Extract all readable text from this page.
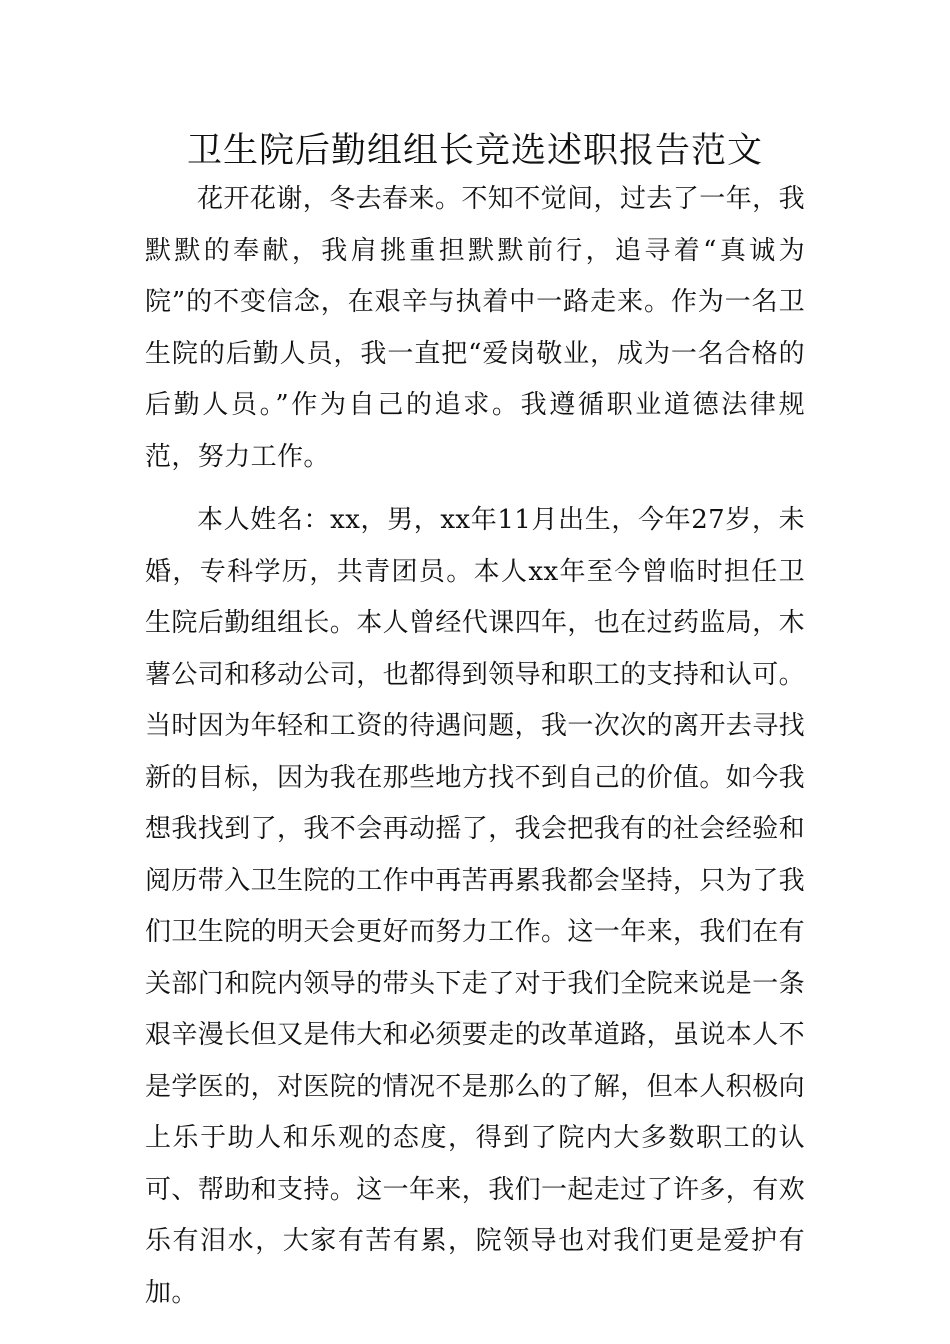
卫生院后勤组组长竞选述职报告范文

花开花谢，冬去春来。不知不觉间，过去了一年，我默默的奉献，我肩挑重担默默前行，追寻着“真诚为院”的不变信念，在艰辛与执着中一路走来。作为一名卫生院的后勤人员，我一直把“爱岗敬业，成为一名合格的后勤人员。”作为自己的追求。我遵循职业道德法律规范，努力工作。

本人姓名：xx，男，xx年11月出生，今年27岁，未婚，专科学历，共青团员。本人xx年至今曾临时担任卫生院后勤组组长。本人曾经代课四年，也在过药监局，木薯公司和移动公司，也都得到领导和职工的支持和认可。当时因为年轻和工资的待遇问题，我一次次的离开去寻找新的目标，因为我在那些地方找不到自己的价值。如今我想我找到了，我不会再动摇了，我会把我有的社会经验和阅历带入卫生院的工作中再苦再累我都会坚持，只为了我们卫生院的明天会更好而努力工作。这一年来，我们在有关部门和院内领导的带头下走了对于我们全院来说是一条艰辛漫长但又是伟大和必须要走的改革道路，虽说本人不是学医的，对医院的情况不是那么的了解，但本人积极向上乐于助人和乐观的态度，得到了院内大多数职工的认可、帮助和支持。这一年来，我们一起走过了许多，有欢乐有泪水，大家有苦有累，院领导也对我们更是爱护有加。
